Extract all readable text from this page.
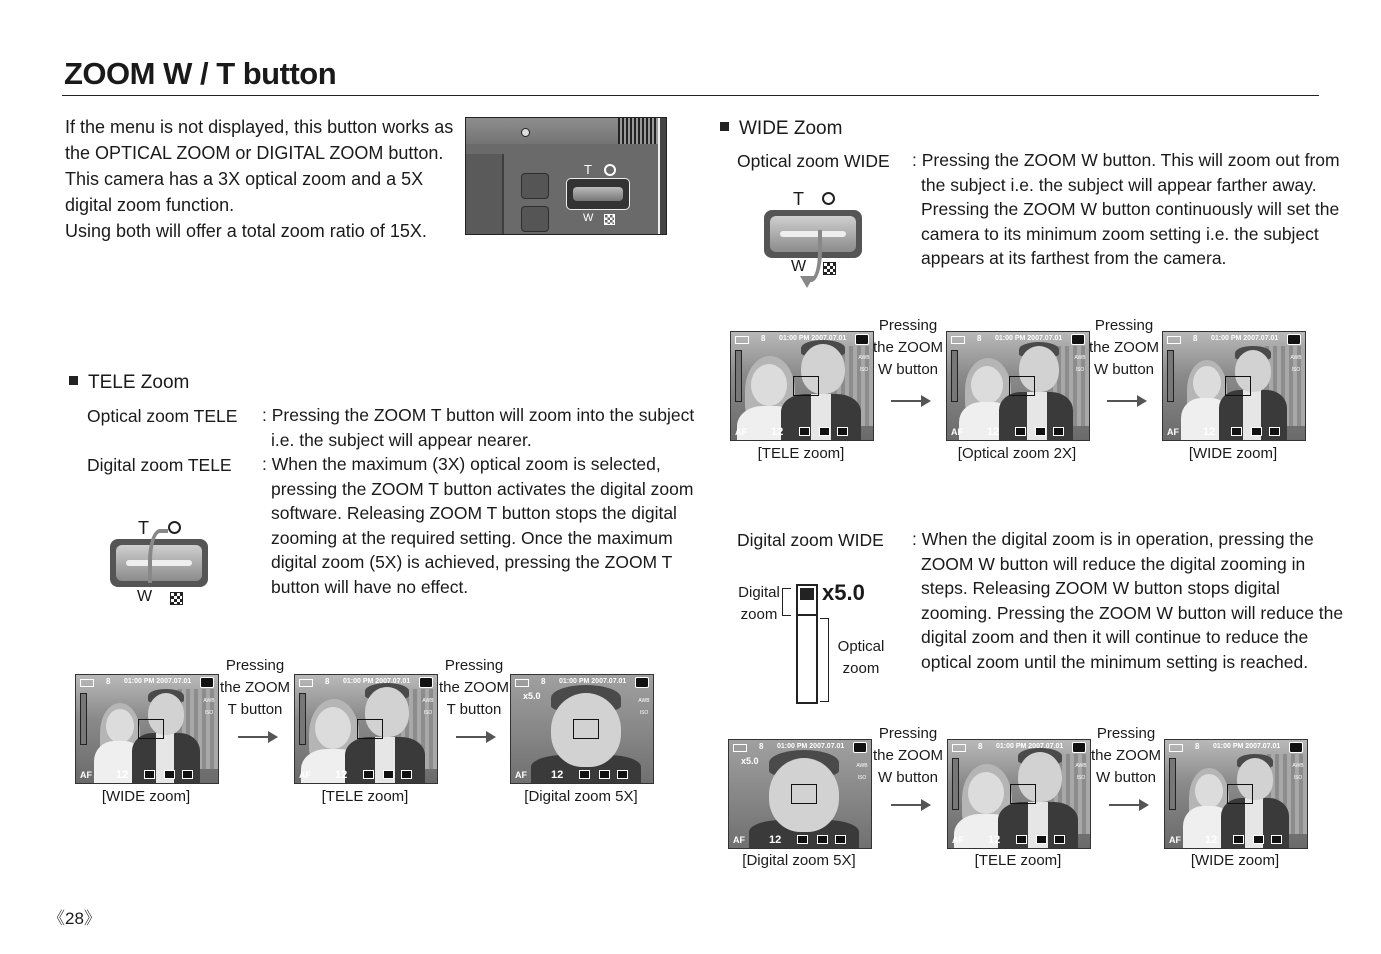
ZOOM W / T button
If the menu is not displayed, this button works as
the OPTICAL ZOOM or DIGITAL ZOOM button.
This camera has a 3X optical zoom and a 5X
digital zoom function.
Using both will offer a total zoom ratio of 15X.
T
W
TELE Zoom
Optical zoom TELE : Pressing the ZOOM T button will zoom into the subject
i.e. the subject will appear nearer.
Digital zoom TELE : When the maximum (3X) optical zoom is selected,
pressing the ZOOM T button activates the digital zoom
software. Releasing ZOOM T button stops the digital
zooming at the required setting. Once the maximum
digital zoom (5X) is achieved, pressing the ZOOM T
button will have no effect.
T
W
8 01:00 PM 2007.07.01
AWB
ISO
AF 12
[WIDE zoom]
Pressing
the ZOOM
T button
8 01:00 PM 2007.07.01
AWB
ISO
AF 12
[TELE zoom]
Pressing
the ZOOM
T button
8 01:00 PM 2007.07.01
AWB
ISO
x5.0
AF 12
[Digital zoom 5X]
WIDE Zoom
Optical zoom WIDE : Pressing the ZOOM W button. This will zoom out from
the subject i.e. the subject will appear farther away.
Pressing the ZOOM W button continuously will set the
camera to its minimum zoom setting i.e. the subject
appears at its farthest from the camera.
T
W
8 01:00 PM 2007.07.01
AWB
ISO
AF 12
[TELE zoom]
Pressing
the ZOOM
W button
8 01:00 PM 2007.07.01
AWB
ISO
AF 12
[Optical zoom 2X]
Pressing
the ZOOM
W button
8 01:00 PM 2007.07.01
AWB
ISO
AF 12
[WIDE zoom]
Digital zoom WIDE : When the digital zoom is in operation, pressing the
ZOOM W button will reduce the digital zooming in
steps. Releasing ZOOM W button stops digital
zooming. Pressing the ZOOM W button will reduce the
digital zoom and then it will continue to reduce the
optical zoom until the minimum setting is reached.
Digital
zoom
x5.0
Optical
zoom
8 01:00 PM 2007.07.01
AWB
ISO
x5.0
AF 12
[Digital zoom 5X]
Pressing
the ZOOM
W button
8 01:00 PM 2007.07.01
AWB
ISO
AF 12
[TELE zoom]
Pressing
the ZOOM
W button
8 01:00 PM 2007.07.01
AWB
ISO
AF 12
[WIDE zoom]
《28》
